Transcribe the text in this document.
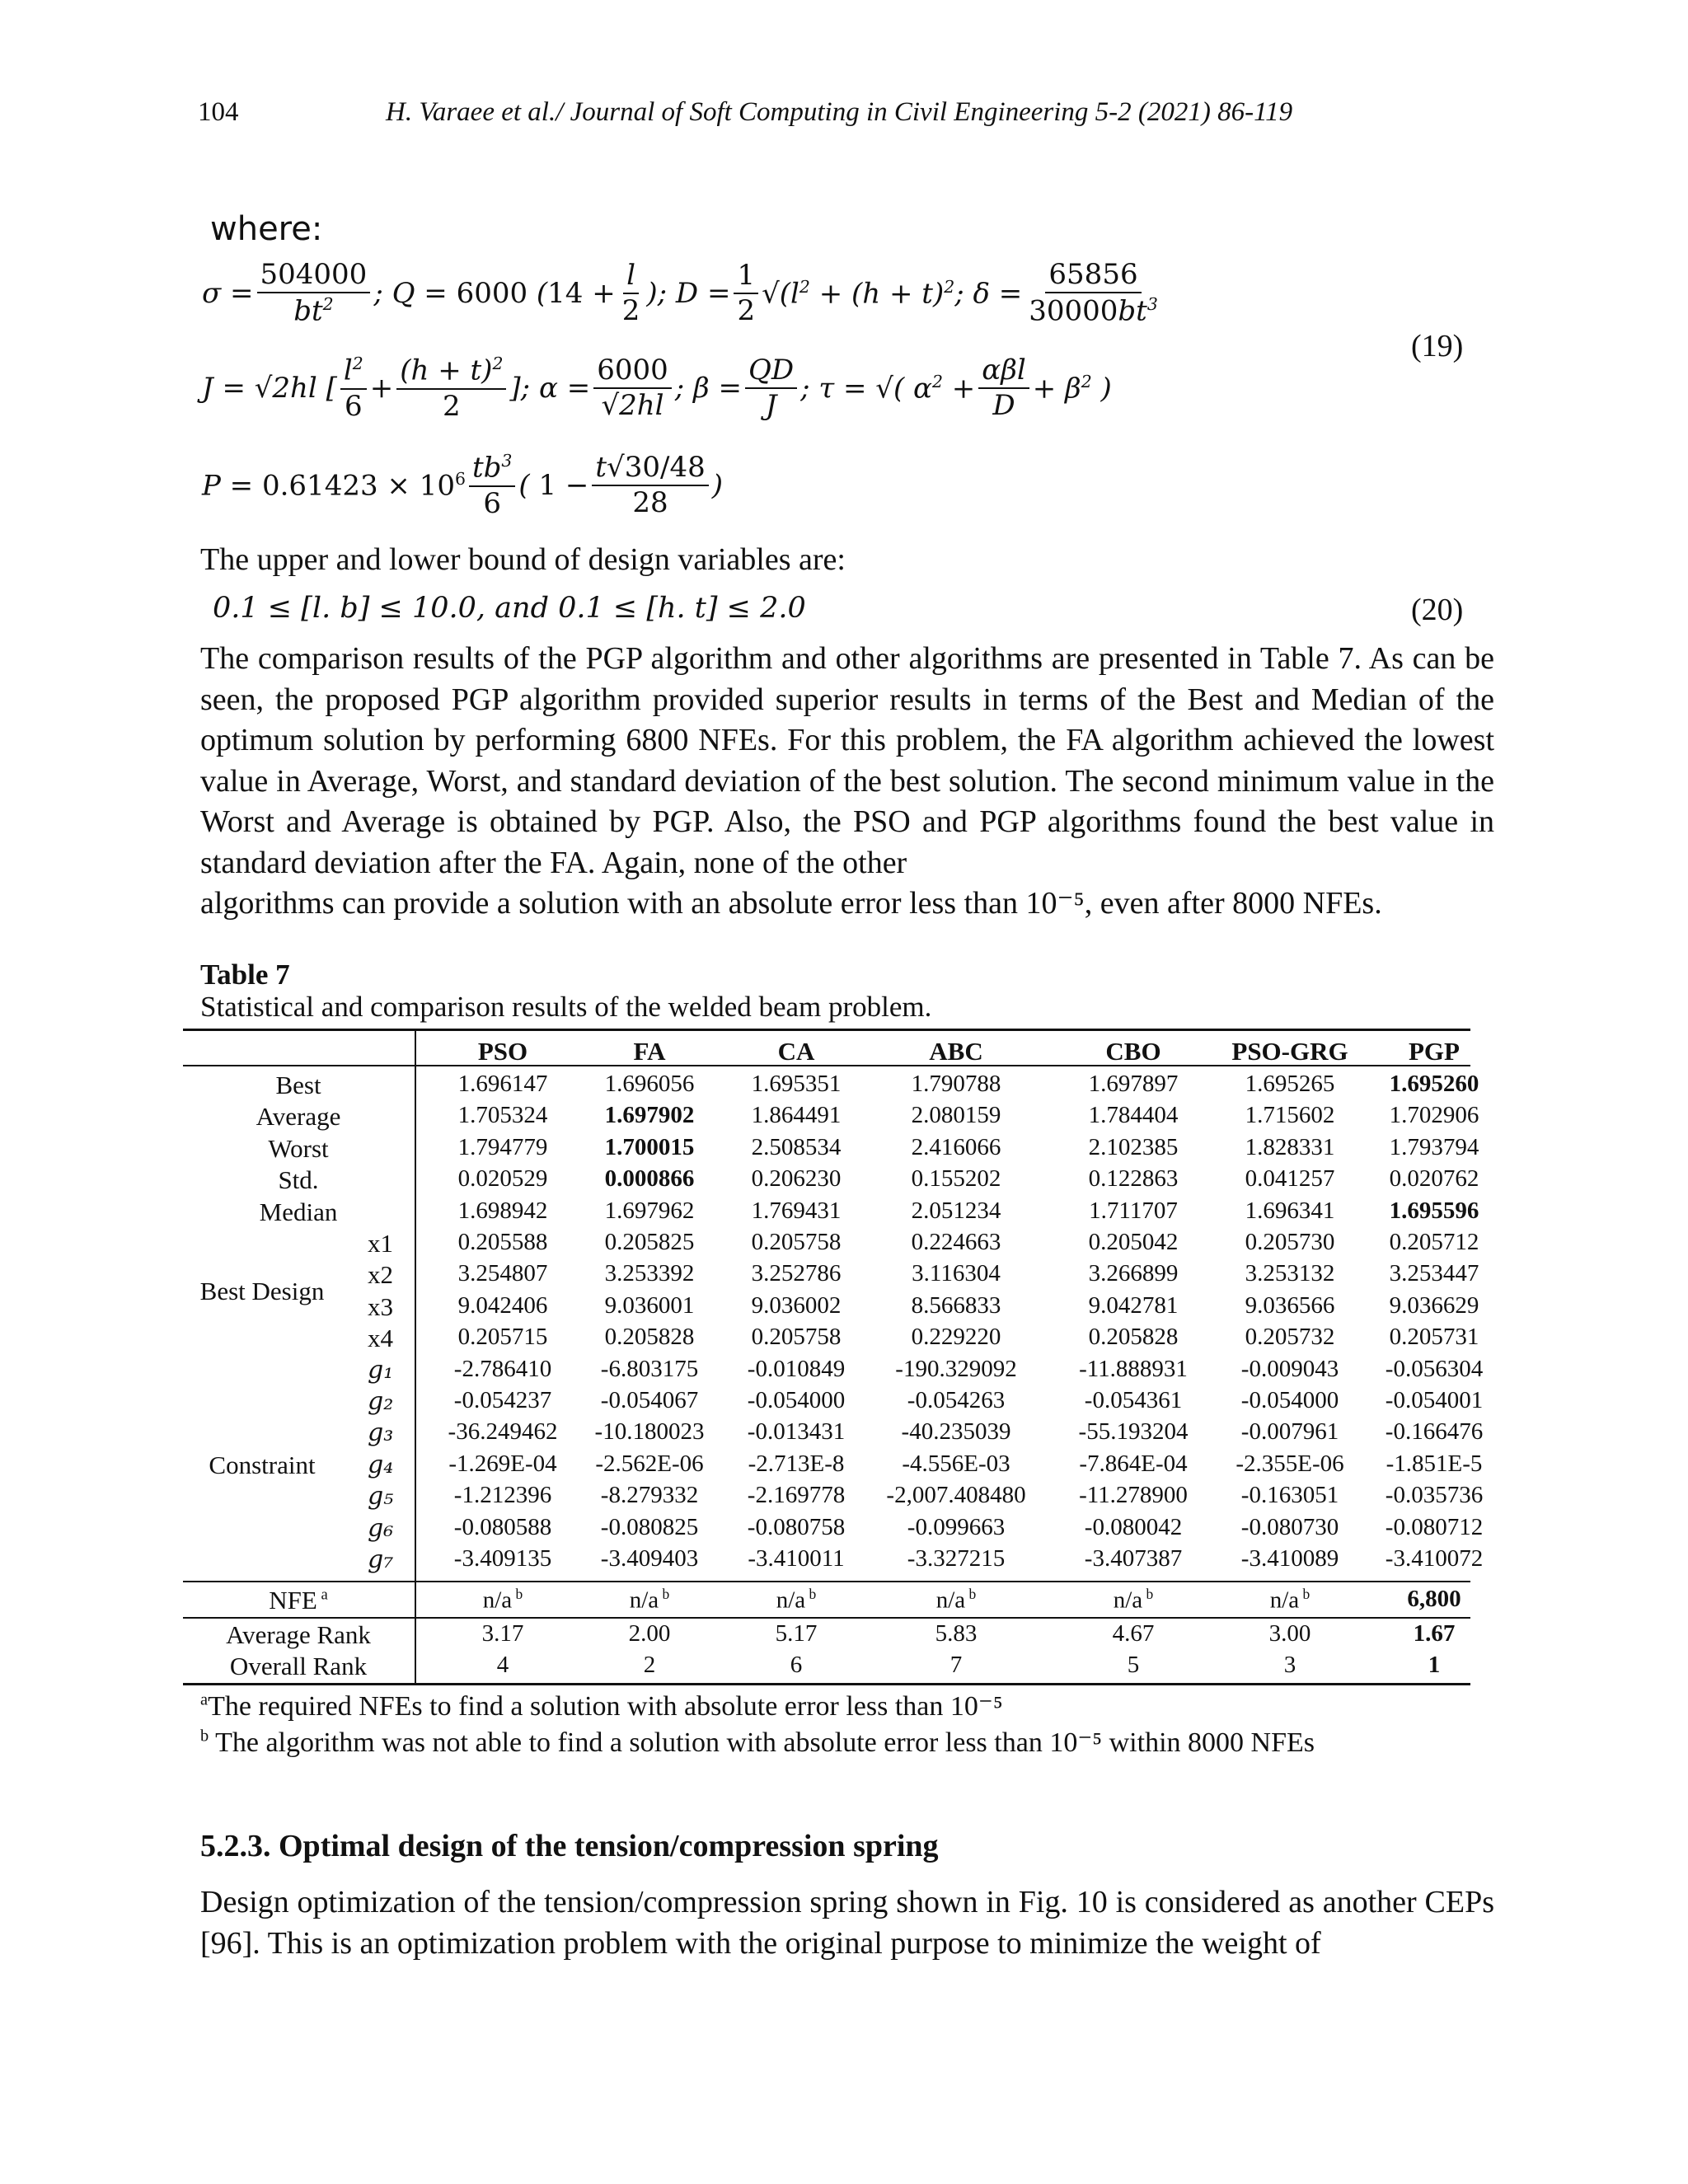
104	H. Varaee et al./ Journal of Soft Computing in Civil Engineering 5-2 (2021) 86-119
where:
$\sigma = \frac{504000}{bt^2}$ ; Q = 6000 ($14 + \frac{l}{2}$ ); $D = \frac{1}{2} √(l^2 + (h + t)^2$; $\delta = \frac{65856}{30000bt^3}$
J = √2hl [ $\frac{l^2}{6} + \frac{(h + t)^2}{2}$ ]; $\alpha = \frac{6000}{√2hl}$ ; $\beta = \frac{QD}{J}$ ; τ = √( $\alpha^2 + \frac{\text{αβl}}{D} + \beta^2$ )
$P = 0.61423 \times 10^6 \frac{tb^3}{6}$ ( $1 - \frac{t√30/48}{28}$ )
(19)
The upper and lower bound of design variables are:
0.1 ≤ [l. b] ≤ 10.0, and 0.1 ≤ [h. t] ≤ 2.0	(20)
The comparison results of the PGP algorithm and other algorithms are presented in Table 7. As can be seen, the proposed PGP algorithm provided superior results in terms of the Best and Median of the optimum solution by performing 6800 NFEs. For this problem, the FA algorithm achieved the lowest value in Average, Worst, and standard deviation of the best solution. The second minimum value in the Worst and Average is obtained by PGP. Also, the PSO and PGP algorithms found the best value in standard deviation after the FA. Again, none of the other
algorithms can provide a solution with an absolute error less than 10⁻⁵, even after 8000 NFEs.
Table 7
Statistical and comparison results of the welded beam problem.
PSO	FA	CA	ABC	CBO	PSO-GRG PGP
Best	1.696147	1.696056	1.695351	1.790788	1.697897	1.695265	1.695260
Average	1.705324	1.697902	1.864491	2.080159	1.784404	1.715602	1.702906
Worst	1.794779	1.700015	2.508534	2.416066	2.102385	1.828331	1.793794
Std.	0.020529	0.000866	0.206230	0.155202	0.122863	0.041257	0.020762
Median	1.698942	1.697962	1.769431	2.051234	1.711707	1.696341	1.695596
x1	0.205588	0.205825	0.205758	0.224663	0.205042	0.205730	0.205712
x2	3.254807	3.253392	3.252786	3.116304	3.266899	3.253132	3.253447
x3	9.042406	9.036001	9.036002	8.566833	9.042781	9.036566	9.036629
x4	0.205715	0.205828	0.205758	0.229220	0.205828	0.205732	0.205731
g₁	-2.786410	-6.803175	-0.010849	-190.329092	-11.888931	-0.009043	-0.056304
g₂	-0.054237	-0.054067	-0.054000	-0.054263	-0.054361	-0.054000	-0.054001
g₃	-36.249462	-10.180023	-0.013431	-40.235039	-55.193204	-0.007961	-0.166476
g₄	-1.269E-04	-2.562E-06	-2.713E-8	-4.556E-03	-7.864E-04	-2.355E-06	-1.851E-5
g₅	-1.212396	-8.279332	-2.169778	-2,007.408480	-11.278900	-0.163051	-0.035736
g₆	-0.080588	-0.080825	-0.080758	-0.099663	-0.080042	-0.080730	-0.080712
g₇	-3.409135	-3.409403	-3.410011	-3.327215	-3.407387	-3.410089	-3.410072
Best Design
Constraint
NFE $^a$	n/a $^b$	n/a $^b$	n/a $^b$	n/a $^b$	n/a $^b$	n/a $^b$	6,800
Average Rank	3.17	2.00	5.17	5.83	4.67	3.00	1.67
Overall Rank	4	2	6	7	5	3	1
$^a$The required NFEs to find a solution with absolute error less than 10⁻⁵
$^b$ The algorithm was not able to find a solution with absolute error less than 10⁻⁵ within 8000 NFEs
5.2.3. Optimal design of the tension/compression spring
Design optimization of the tension/compression spring shown in Fig. 10 is considered as another CEPs [96]. This is an optimization problem with the original purpose to minimize the weight of
